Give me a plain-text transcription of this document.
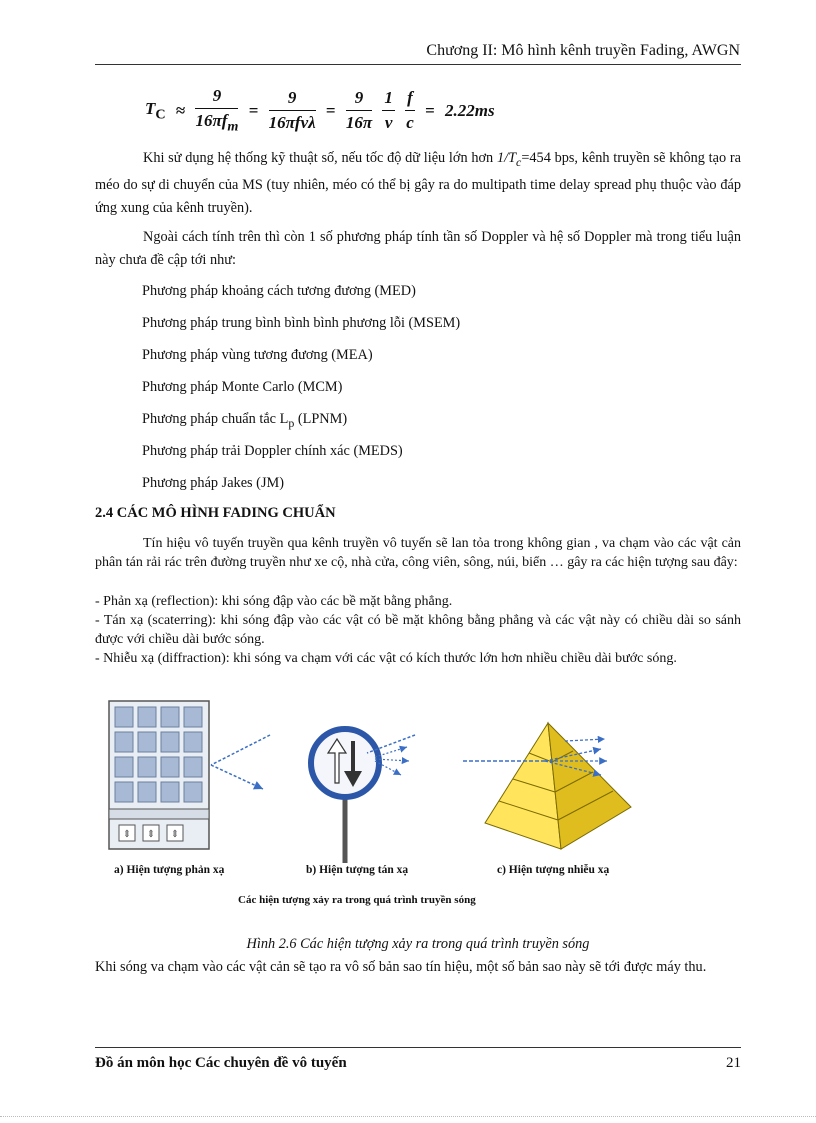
Chương II: Mô hình kênh truyền Fading, AWGN
$T_C \approx \frac{9}{16\pi f_m} = \frac{9}{\text{16πfvλ}} = \frac{9}{16\pi}$
$\frac{1}{v}$
$\frac{f}{c} = 2.22ms$
Khi sử dụng hệ thống kỹ thuật số, nếu tốc độ dữ liệu lớn hơn $1/T_c=454$ bps, kênh truyền sẽ không tạo ra méo do sự di chuyển của MS (tuy nhiên, méo có thể bị gây ra do multipath time delay spread phụ thuộc vào đáp ứng xung của kênh truyền).
Ngoài cách tính trên thì còn 1 số phương pháp tính tần số Doppler và hệ số Doppler mà trong tiểu luận này chưa đề cập tới như:
Phương pháp khoảng cách tương đương (MED)
Phương pháp trung bình bình bình phương lỗi (MSEM)
Phương pháp vùng tương đương (MEA)
Phương pháp Monte Carlo (MCM)
Phương pháp chuẩn tắc $L_p$ (LPNM)
Phương pháp trải Doppler chính xác (MEDS)
Phương pháp Jakes (JM)
2.4 CÁC MÔ HÌNH FADING CHUẨN
Tín hiệu vô tuyến truyền qua kênh truyền vô tuyến sẽ lan tỏa trong không gian , va chạm vào các vật cản phân tán rải rác trên đường truyền như xe cộ, nhà cửa, công viên, sông, núi, biển … gây ra các hiện tượng sau đây:
- Phản xạ (reflection): khi sóng đập vào các bề mặt bằng phẳng.
- Tán xạ (scaterring): khi sóng đập vào các vật có bề mặt không bằng phẳng và các vật này có chiều dài so sánh được với chiều dài bước sóng.
- Nhiễu xạ (diffraction): khi sóng va chạm với các vật có kích thước lớn hơn nhiều chiều dài bước sóng.
⇕ ⇕ ⇕
a) Hiện tượng phản xạ	b) Hiện tượng tán xạ	c) Hiện tượng nhiễu xạ
Các hiện tượng xảy ra trong quá trình truyền sóng
Hình 2.6 Các hiện tượng xảy ra trong quá trình truyền sóng
Khi sóng va chạm vào các vật cản sẽ tạo ra vô số bản sao tín hiệu, một số bản sao này sẽ tới được máy thu.
Đồ án môn học Các chuyên đề vô tuyến	21
